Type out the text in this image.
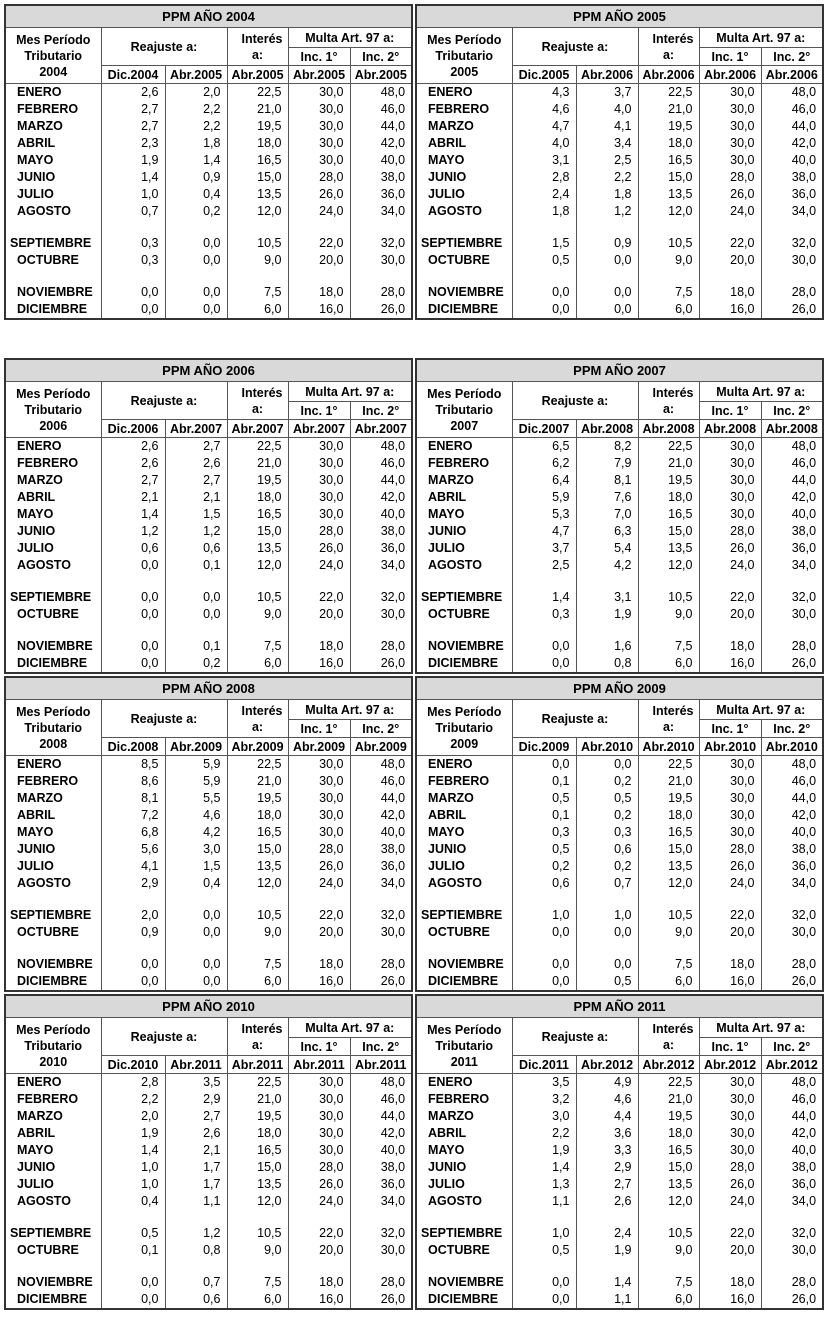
PPM AÑO 2004					

Mes Período Tributario
2004	Reajuste a:		Interés a:	Multa Art. 97 a:	
				Inc. 1°	Inc. 2°
	Dic.2004	Abr.2005	Abr.2005	Abr.2005	Abr.2005
ENERO	2,6	2,0	22,5	30,0	48,0
FEBRERO	2,7	2,2	21,0	30,0	46,0
MARZO	2,7	2,2	19,5	30,0	44,0
ABRIL	2,3	1,8	18,0	30,0	42,0
MAYO	1,9	1,4	16,5	30,0	40,0
JUNIO	1,4	0,9	15,0	28,0	38,0
JULIO	1,0	0,4	13,5	26,0	36,0
AGOSTO	0,7	0,2	12,0	24,0	34,0

SEPTIEMBRE	0,3	0,0	10,5	22,0	32,0
OCTUBRE	0,3	0,0	9,0	20,0	30,0

NOVIEMBRE	0,0	0,0	7,5	18,0	28,0
DICIEMBRE	0,0	0,0	6,0	16,0	26,0
PPM AÑO 2005					

Mes Período Tributario
2005	Reajuste a:		Interés a:	Multa Art. 97 a:	
				Inc. 1°	Inc. 2°
	Dic.2005	Abr.2006	Abr.2006	Abr.2006	Abr.2006
ENERO	4,3	3,7	22,5	30,0	48,0
FEBRERO	4,6	4,0	21,0	30,0	46,0
MARZO	4,7	4,1	19,5	30,0	44,0
ABRIL	4,0	3,4	18,0	30,0	42,0
MAYO	3,1	2,5	16,5	30,0	40,0
JUNIO	2,8	2,2	15,0	28,0	38,0
JULIO	2,4	1,8	13,5	26,0	36,0
AGOSTO	1,8	1,2	12,0	24,0	34,0

SEPTIEMBRE	1,5	0,9	10,5	22,0	32,0
OCTUBRE	0,5	0,0	9,0	20,0	30,0

NOVIEMBRE	0,0	0,0	7,5	18,0	28,0
DICIEMBRE	0,0	0,0	6,0	16,0	26,0
PPM AÑO 2006					

Mes Período Tributario
2006	Reajuste a:		Interés a:	Multa Art. 97 a:	
				Inc. 1°	Inc. 2°
	Dic.2006	Abr.2007	Abr.2007	Abr.2007	Abr.2007
ENERO	2,6	2,7	22,5	30,0	48,0
FEBRERO	2,6	2,6	21,0	30,0	46,0
MARZO	2,7	2,7	19,5	30,0	44,0
ABRIL	2,1	2,1	18,0	30,0	42,0
MAYO	1,4	1,5	16,5	30,0	40,0
JUNIO	1,2	1,2	15,0	28,0	38,0
JULIO	0,6	0,6	13,5	26,0	36,0
AGOSTO	0,0	0,1	12,0	24,0	34,0

SEPTIEMBRE	0,0	0,0	10,5	22,0	32,0
OCTUBRE	0,0	0,0	9,0	20,0	30,0

NOVIEMBRE	0,0	0,1	7,5	18,0	28,0
DICIEMBRE	0,0	0,2	6,0	16,0	26,0
PPM AÑO 2007					

Mes Período Tributario
2007	Reajuste a:		Interés a:	Multa Art. 97 a:	
				Inc. 1°	Inc. 2°
	Dic.2007	Abr.2008	Abr.2008	Abr.2008	Abr.2008
ENERO	6,5	8,2	22,5	30,0	48,0
FEBRERO	6,2	7,9	21,0	30,0	46,0
MARZO	6,4	8,1	19,5	30,0	44,0
ABRIL	5,9	7,6	18,0	30,0	42,0
MAYO	5,3	7,0	16,5	30,0	40,0
JUNIO	4,7	6,3	15,0	28,0	38,0
JULIO	3,7	5,4	13,5	26,0	36,0
AGOSTO	2,5	4,2	12,0	24,0	34,0

SEPTIEMBRE	1,4	3,1	10,5	22,0	32,0
OCTUBRE	0,3	1,9	9,0	20,0	30,0

NOVIEMBRE	0,0	1,6	7,5	18,0	28,0
DICIEMBRE	0,0	0,8	6,0	16,0	26,0
PPM AÑO 2008					

Mes Período Tributario
2008	Reajuste a:		Interés a:	Multa Art. 97 a:	
				Inc. 1°	Inc. 2°
	Dic.2008	Abr.2009	Abr.2009	Abr.2009	Abr.2009
ENERO	8,5	5,9	22,5	30,0	48,0
FEBRERO	8,6	5,9	21,0	30,0	46,0
MARZO	8,1	5,5	19,5	30,0	44,0
ABRIL	7,2	4,6	18,0	30,0	42,0
MAYO	6,8	4,2	16,5	30,0	40,0
JUNIO	5,6	3,0	15,0	28,0	38,0
JULIO	4,1	1,5	13,5	26,0	36,0
AGOSTO	2,9	0,4	12,0	24,0	34,0

SEPTIEMBRE	2,0	0,0	10,5	22,0	32,0
OCTUBRE	0,9	0,0	9,0	20,0	30,0

NOVIEMBRE	0,0	0,0	7,5	18,0	28,0
DICIEMBRE	0,0	0,0	6,0	16,0	26,0
PPM AÑO 2009					

Mes Período Tributario
2009	Reajuste a:		Interés a:	Multa Art. 97 a:	
				Inc. 1°	Inc. 2°
	Dic.2009	Abr.2010	Abr.2010	Abr.2010	Abr.2010
ENERO	0,0	0,0	22,5	30,0	48,0
FEBRERO	0,1	0,2	21,0	30,0	46,0
MARZO	0,5	0,5	19,5	30,0	44,0
ABRIL	0,1	0,2	18,0	30,0	42,0
MAYO	0,3	0,3	16,5	30,0	40,0
JUNIO	0,5	0,6	15,0	28,0	38,0
JULIO	0,2	0,2	13,5	26,0	36,0
AGOSTO	0,6	0,7	12,0	24,0	34,0

SEPTIEMBRE	1,0	1,0	10,5	22,0	32,0
OCTUBRE	0,0	0,0	9,0	20,0	30,0

NOVIEMBRE	0,0	0,0	7,5	18,0	28,0
DICIEMBRE	0,0	0,5	6,0	16,0	26,0
PPM AÑO 2010					

Mes Período Tributario
2010	Reajuste a:		Interés a:	Multa Art. 97 a:	
				Inc. 1°	Inc. 2°
	Dic.2010	Abr.2011	Abr.2011	Abr.2011	Abr.2011
ENERO	2,8	3,5	22,5	30,0	48,0
FEBRERO	2,2	2,9	21,0	30,0	46,0
MARZO	2,0	2,7	19,5	30,0	44,0
ABRIL	1,9	2,6	18,0	30,0	42,0
MAYO	1,4	2,1	16,5	30,0	40,0
JUNIO	1,0	1,7	15,0	28,0	38,0
JULIO	1,0	1,7	13,5	26,0	36,0
AGOSTO	0,4	1,1	12,0	24,0	34,0

SEPTIEMBRE	0,5	1,2	10,5	22,0	32,0
OCTUBRE	0,1	0,8	9,0	20,0	30,0

NOVIEMBRE	0,0	0,7	7,5	18,0	28,0
DICIEMBRE	0,0	0,6	6,0	16,0	26,0
PPM AÑO 2011					

Mes Período Tributario
2011	Reajuste a:		Interés a:	Multa Art. 97 a:	
				Inc. 1°	Inc. 2°
	Dic.2011	Abr.2012	Abr.2012	Abr.2012	Abr.2012
ENERO	3,5	4,9	22,5	30,0	48,0
FEBRERO	3,2	4,6	21,0	30,0	46,0
MARZO	3,0	4,4	19,5	30,0	44,0
ABRIL	2,2	3,6	18,0	30,0	42,0
MAYO	1,9	3,3	16,5	30,0	40,0
JUNIO	1,4	2,9	15,0	28,0	38,0
JULIO	1,3	2,7	13,5	26,0	36,0
AGOSTO	1,1	2,6	12,0	24,0	34,0

SEPTIEMBRE	1,0	2,4	10,5	22,0	32,0
OCTUBRE	0,5	1,9	9,0	20,0	30,0

NOVIEMBRE	0,0	1,4	7,5	18,0	28,0
DICIEMBRE	0,0	1,1	6,0	16,0	26,0
